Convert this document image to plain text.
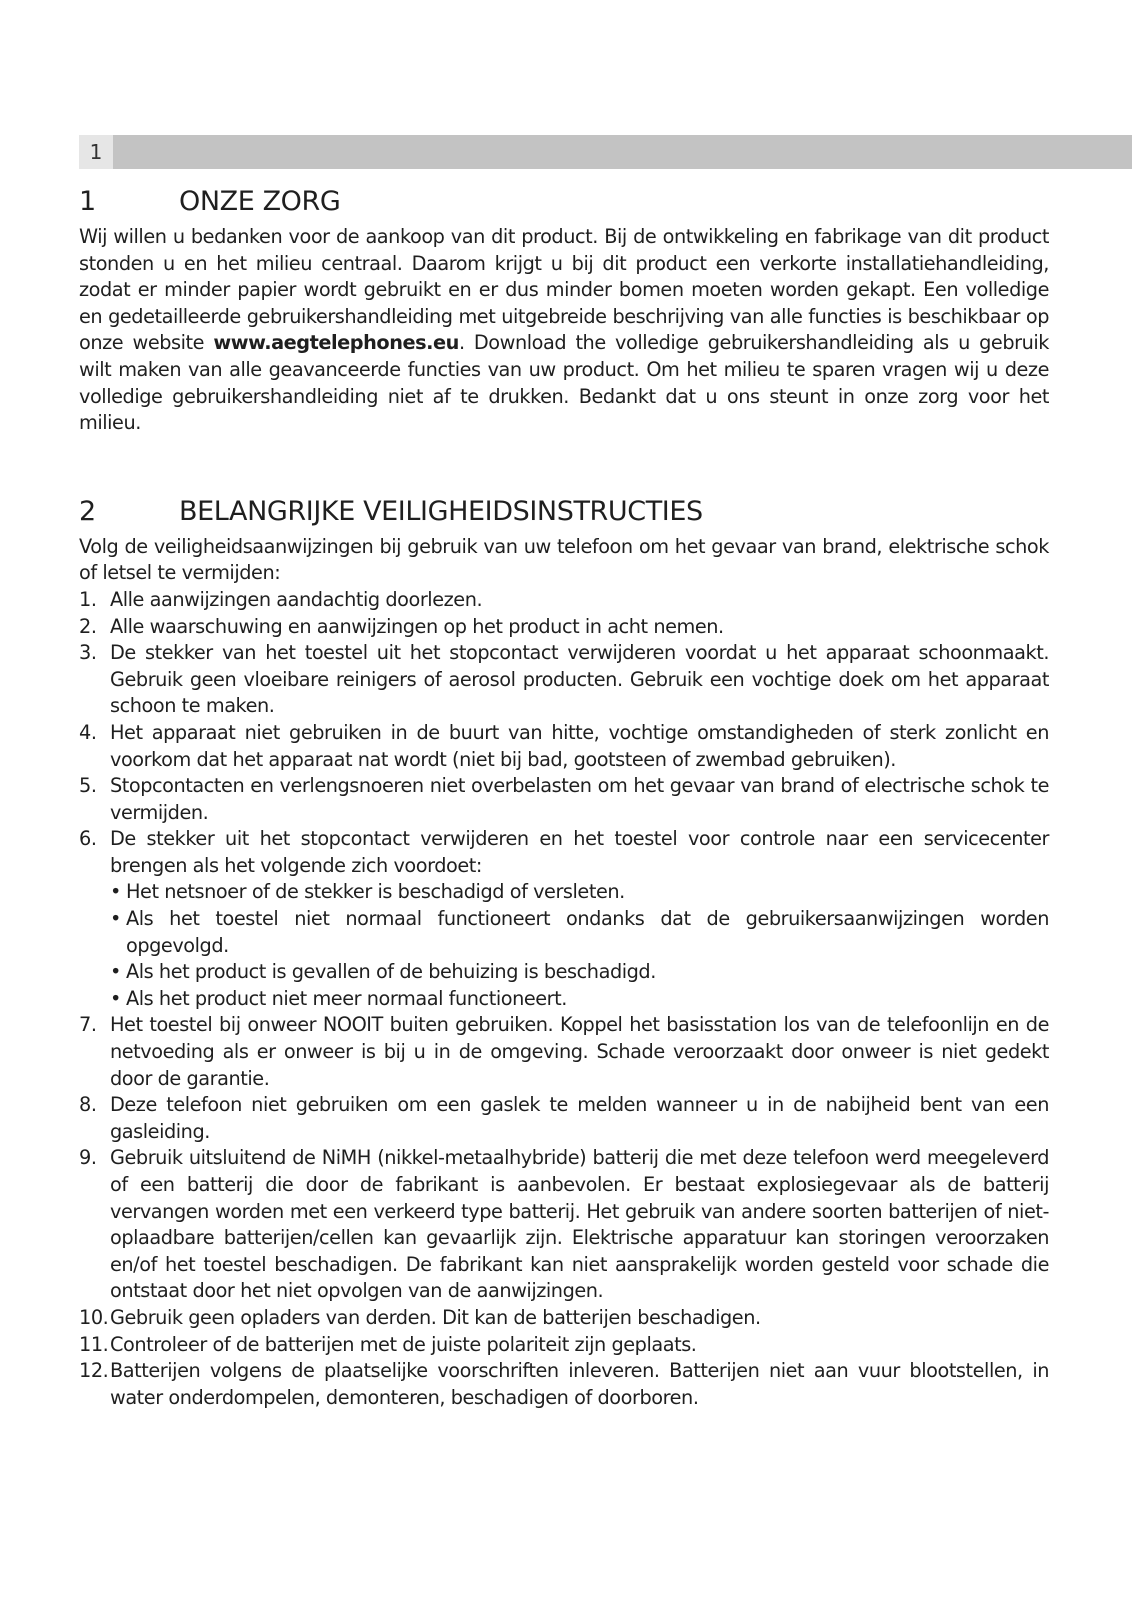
1
1	ONZE ZORG

Wij willen u bedanken voor de aankoop van dit product. Bij de ontwikkeling en fabrikage van dit product stonden u en het milieu centraal. Daarom krijgt u bij dit product een verkorte installatiehandleiding, zodat er minder papier wordt gebruikt en er dus minder bomen moeten worden gekapt. Een volledige en gedetailleerde gebruikershandleiding met uitgebreide beschrijving van alle functies is beschikbaar op onze website www.aegtelephones.eu. Download the volledige gebruikershandleiding als u gebruik wilt maken van alle geavanceerde functies van uw product. Om het milieu te sparen vragen wij u deze volledige gebruikershandleiding niet af te drukken. Bedankt dat u ons steunt in onze zorg voor het milieu.

2	BELANGRIJKE VEILIGHEIDSINSTRUCTIES

Volg de veiligheidsaanwijzingen bij gebruik van uw telefoon om het gevaar van brand, elektrische schok of letsel te vermijden:

1. Alle aanwijzingen aandachtig doorlezen.
2. Alle waarschuwing en aanwijzingen op het product in acht nemen.
3. De stekker van het toestel uit het stopcontact verwijderen voordat u het apparaat schoonmaakt. Gebruik geen vloeibare reinigers of aerosol producten. Gebruik een vochtige doek om het apparaat schoon te maken.
4. Het apparaat niet gebruiken in de buurt van hitte, vochtige omstandigheden of sterk zonlicht en voorkom dat het apparaat nat wordt (niet bij bad, gootsteen of zwembad gebruiken).
5. Stopcontacten en verlengsnoeren niet overbelasten om het gevaar van brand of electrische schok te vermijden.
6. De stekker uit het stopcontact verwijderen en het toestel voor controle naar een servicecenter brengen als het volgende zich voordoet:
• Het netsnoer of de stekker is beschadigd of versleten.
• Als het toestel niet normaal functioneert ondanks dat de gebruikersaanwijzingen worden opgevolgd.
• Als het product is gevallen of de behuizing is beschadigd.
• Als het product niet meer normaal functioneert.
7. Het toestel bij onweer NOOIT buiten gebruiken. Koppel het basisstation los van de telefoonlijn en de netvoeding als er onweer is bij u in de omgeving. Schade veroorzaakt door onweer is niet gedekt door de garantie.
8. Deze telefoon niet gebruiken om een gaslek te melden wanneer u in de nabijheid bent van een gasleiding.
9. Gebruik uitsluitend de NiMH (nikkel-metaalhybride) batterij die met deze telefoon werd meegeleverd of een batterij die door de fabrikant is aanbevolen. Er bestaat explosiegevaar als de batterij vervangen worden met een verkeerd type batterij. Het gebruik van andere soorten batterijen of niet-oplaadbare batterijen/cellen kan gevaarlijk zijn. Elektrische apparatuur kan storingen veroorzaken en/of het toestel beschadigen. De fabrikant kan niet aansprakelijk worden gesteld voor schade die ontstaat door het niet opvolgen van de aanwijzingen.
10. Gebruik geen opladers van derden. Dit kan de batterijen beschadigen.
11. Controleer of de batterijen met de juiste polariteit zijn geplaats.
12. Batterijen volgens de plaatselijke voorschriften inleveren. Batterijen niet aan vuur blootstellen, in water onderdompelen, demonteren, beschadigen of doorboren.
